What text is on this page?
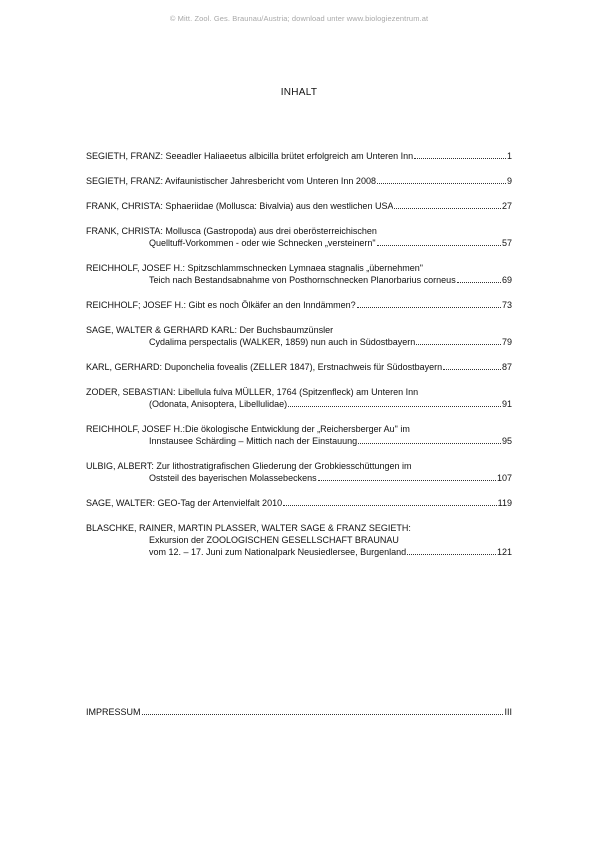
© Mitt. Zool. Ges. Braunau/Austria; download unter www.biologiezentrum.at
INHALT
SEGIETH, FRANZ: Seeadler Haliaeetus albicilla brütet erfolgreich am Unteren Inn	1
SEGIETH, FRANZ: Avifaunistischer Jahresbericht vom Unteren Inn 2008	9
FRANK, CHRISTA: Sphaeriidae (Mollusca: Bivalvia) aus den westlichen USA	27
FRANK, CHRISTA: Mollusca (Gastropoda) aus drei oberösterreichischen
Quelltuff-Vorkommen - oder wie Schnecken „versteinern"	57
REICHHOLF, JOSEF H.: Spitzschlammschnecken Lymnaea stagnalis „übernehmen"
Teich nach Bestandsabnahme von Posthornschnecken Planorbarius corneus	69
REICHHOLF; JOSEF H.: Gibt es noch Ölkäfer an den Inndämmen?	73
SAGE, WALTER & GERHARD KARL: Der Buchsbaumzünsler
Cydalima perspectalis (WALKER, 1859) nun auch in Südostbayern	79
KARL, GERHARD: Duponchelia fovealis (ZELLER 1847), Erstnachweis für Südostbayern	87
ZODER, SEBASTIAN: Libellula fulva MÜLLER, 1764 (Spitzenfleck) am Unteren Inn
(Odonata, Anisoptera, Libellulidae)	91
REICHHOLF, JOSEF H.:Die ökologische Entwicklung der „Reichersberger Au" im
Innstausee Schärding – Mittich nach der Einstauung	95
ULBIG, ALBERT: Zur lithostratigrafischen Gliederung der Grobkiesschüttungen im
Oststeil des bayerischen Molassebeckens	107
SAGE, WALTER: GEO-Tag der Artenvielfalt 2010	119
BLASCHKE, RAINER, MARTIN PLASSER, WALTER SAGE & FRANZ SEGIETH:
Exkursion der ZOOLOGISCHEN GESELLSCHAFT BRAUNAU
vom 12. – 17. Juni zum Nationalpark Neusiedlersee, Burgenland	121
IMPRESSUM	III
